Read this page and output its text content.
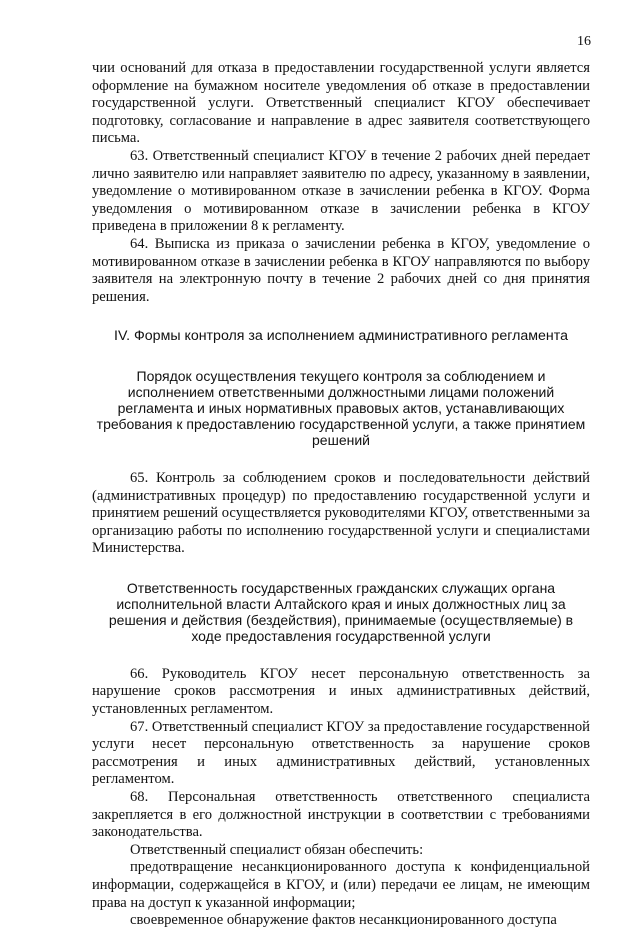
16

чии оснований для отказа в предоставлении государственной услуги является оформление на бумажном носителе уведомления об отказе в предоставлении государственной услуги. Ответственный специалист КГОУ обеспечивает подготовку, согласование и направление в адрес заявителя соответствующего письма.

63. Ответственный специалист КГОУ в течение 2 рабочих дней передает лично заявителю или направляет заявителю по адресу, указанному в заявлении, уведомление о мотивированном отказе в зачислении ребенка в КГОУ. Форма уведомления о мотивированном отказе в зачислении ребенка в КГОУ приведена в приложении 8 к регламенту.

64. Выписка из приказа о зачислении ребенка в КГОУ, уведомление о мотивированном отказе в зачислении ребенка в КГОУ направляются по выбору заявителя на электронную почту в течение 2 рабочих дней со дня принятия решения.

IV. Формы контроля за исполнением административного регламента

Порядок осуществления текущего контроля за соблюдением и исполнением ответственными должностными лицами положений регламента и иных нормативных правовых актов, устанавливающих требования к предоставлению государственной услуги, а также принятием решений

65. Контроль за соблюдением сроков и последовательности действий (административных процедур) по предоставлению государственной услуги и принятием решений осуществляется руководителями КГОУ, ответственными за организацию работы по исполнению государственной услуги и специалистами Министерства.

Ответственность государственных гражданских служащих органа исполнительной власти Алтайского края и иных должностных лиц за решения и действия (бездействия), принимаемые (осуществляемые) в ходе предоставления государственной услуги

66. Руководитель КГОУ несет персональную ответственность за нарушение сроков рассмотрения и иных административных действий, установленных регламентом.

67. Ответственный специалист КГОУ за предоставление государственной услуги несет персональную ответственность за нарушение сроков рассмотрения и иных административных действий, установленных регламентом.

68. Персональная ответственность ответственного специалиста закрепляется в его должностной инструкции в соответствии с требованиями законодательства.

Ответственный специалист обязан обеспечить:

предотвращение несанкционированного доступа к конфиденциальной информации, содержащейся в КГОУ, и (или) передачи ее лицам, не имеющим права на доступ к указанной информации;

своевременное обнаружение фактов несанкционированного доступа
